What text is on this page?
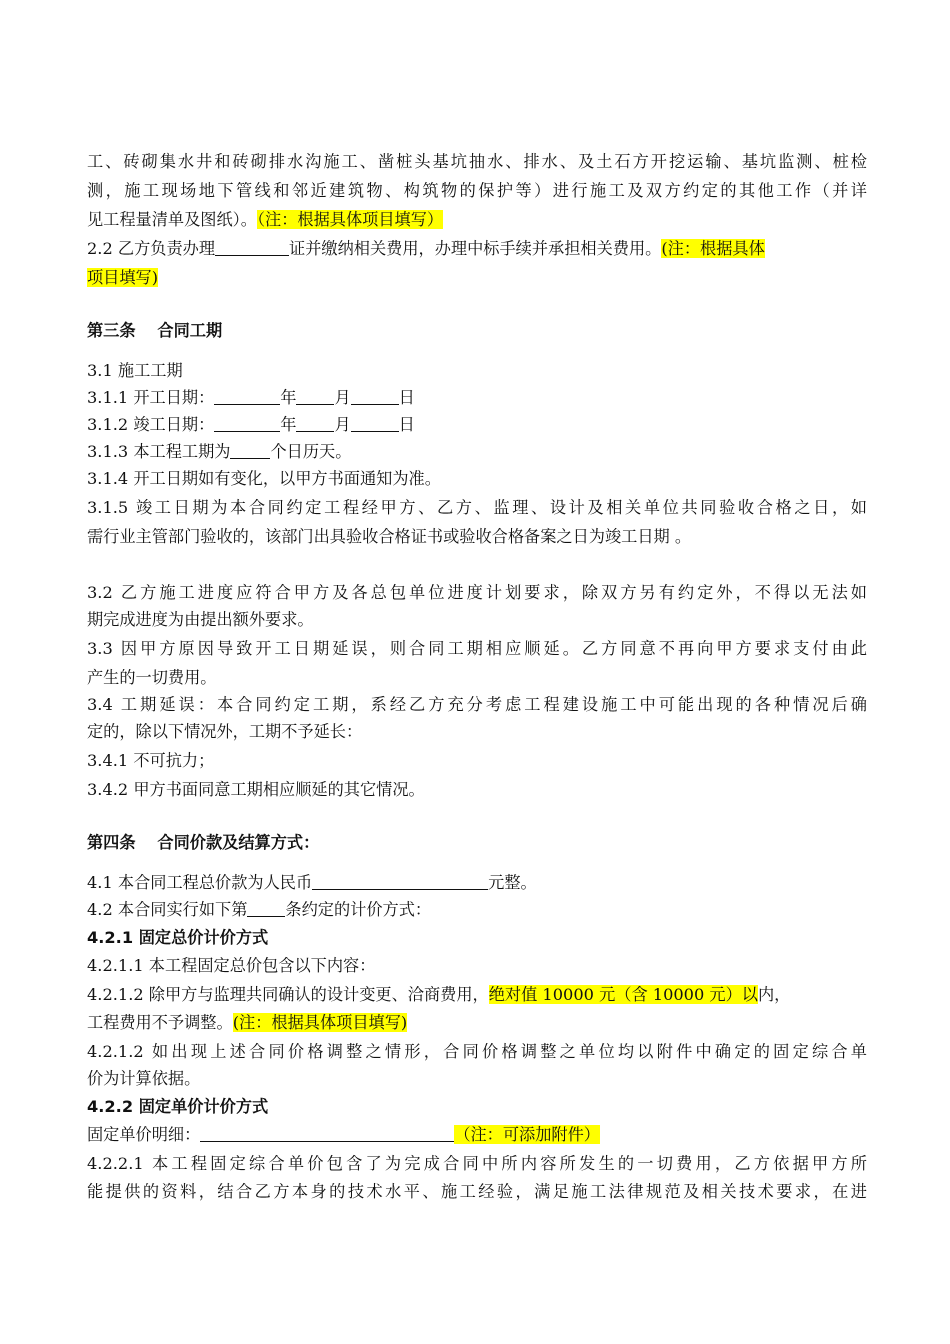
工、砖砌集水井和砖砌排水沟施工、凿桩头基坑抽水、排水、及土石方开挖运输、基坑监测、桩检
测，施工现场地下管线和邻近建筑物、构筑物的保护等）进行施工及双方约定的其他工作（并详
见工程量清单及图纸）。（注：根据具体项目填写）
2.2 乙方负责办理	证并缴纳相关费用，办理中标手续并承担相关费用。(注：根据具体
项目填写)
第三条　 合同工期
3.1 施工工期
3.1.1 开工日期：	年 月	日
3.1.2 竣工日期：	年 月	日
3.1.3 本工程工期为 个日历天。
3.1.4 开工日期如有变化，以甲方书面通知为准。
3.1.5 竣工日期为本合同约定工程经甲方、乙方、监理、设计及相关单位共同验收合格之日，如
需行业主管部门验收的，该部门出具验收合格证书或验收合格备案之日为竣工日期 。
3.2 乙方施工进度应符合甲方及各总包单位进度计划要求，除双方另有约定外，不得以无法如
期完成进度为由提出额外要求。
3.3 因甲方原因导致开工日期延误，则合同工期相应顺延。乙方同意不再向甲方要求支付由此
产生的一切费用。
3.4 工期延误：本合同约定工期，系经乙方充分考虑工程建设施工中可能出现的各种情况后确
定的，除以下情况外，工期不予延长：
3.4.1 不可抗力；
3.4.2 甲方书面同意工期相应顺延的其它情况。
第四条　 合同价款及结算方式：
4.1 本合同工程总价款为人民币	元整。
4.2 本合同实行如下第 条约定的计价方式：
4.2.1 固定总价计价方式
4.2.1.1 本工程固定总价包含以下内容：
4.2.1.2 除甲方与监理共同确认的设计变更、洽商费用，绝对值 10000 元（含 10000 元）以内，
工程费用不予调整。(注：根据具体项目填写)
4.2.1.2 如出现上述合同价格调整之情形，合同价格调整之单位均以附件中确定的固定综合单
价为计算依据。
4.2.2 固定单价计价方式
固定单价明细：	（注：可添加附件）
4.2.2.1 本工程固定综合单价包含了为完成合同中所内容所发生的一切费用，乙方依据甲方所
能提供的资料，结合乙方本身的技术水平、施工经验，满足施工法律规范及相关技术要求，在进
